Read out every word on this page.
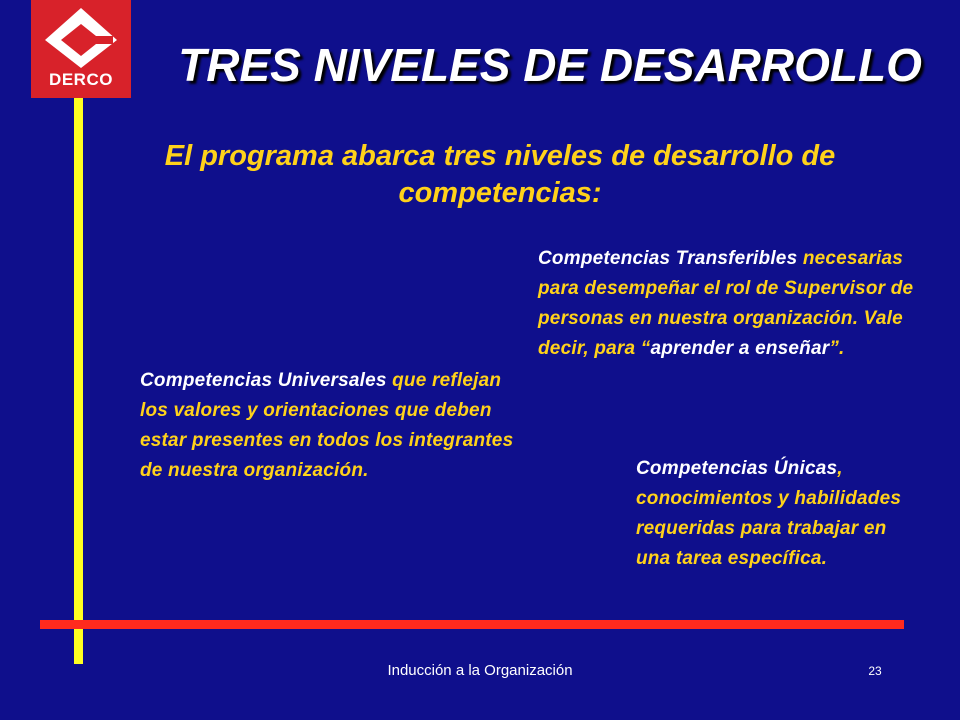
DERCO	TRES NIVELES DE DESARROLLO
El programa abarca tres niveles de desarrollo de competencias:
Competencias Universales que reflejan los valores y orientaciones que deben estar presentes en todos los integrantes de nuestra organización.
Competencias Transferibles necesarias para desempeñar el rol de Supervisor de personas en nuestra organización. Vale decir, para “aprender a enseñar”.
Competencias Únicas, conocimientos y habilidades requeridas para trabajar en una tarea específica.
Inducción a la Organización	23
